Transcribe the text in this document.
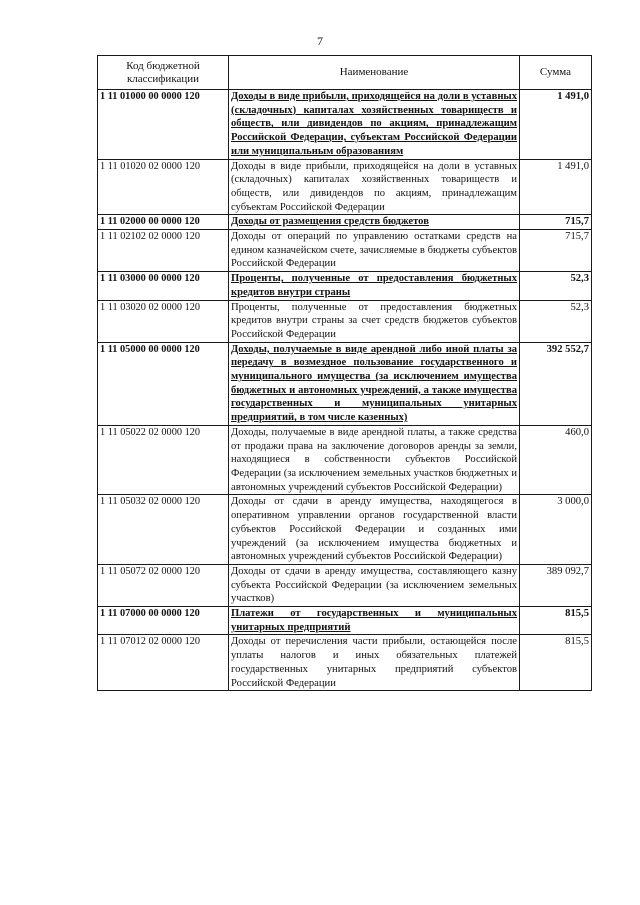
7
Код бюджетной классификации	Наименование	Сумма
1 11 01000 00 0000 120	Доходы в виде прибыли, приходящейся на доли в уставных (складочных) капиталах хозяйственных товариществ и обществ, или дивидендов по акциям, принадлежащим Российской Федерации, субъектам Российской Федерации или муниципальным образованиям	1 491,0
1 11 01020 02 0000 120	Доходы в виде прибыли, приходящейся на доли в уставных (складочных) капиталах хозяйственных товариществ и обществ, или дивидендов по акциям, принадлежащим субъектам Российской Федерации	1 491,0
1 11 02000 00 0000 120	Доходы от размещения средств бюджетов	715,7
1 11 02102 02 0000 120	Доходы от операций по управлению остатками средств на едином казначейском счете, зачисляемые в бюджеты субъектов Российской Федерации	715,7
1 11 03000 00 0000 120	Проценты, полученные от предоставления бюджетных кредитов внутри страны	52,3
1 11 03020 02 0000 120	Проценты, полученные от предоставления бюджетных кредитов внутри страны за счет средств бюджетов субъектов Российской Федерации	52,3
1 11 05000 00 0000 120	Доходы, получаемые в виде арендной либо иной платы за передачу в возмездное пользование государственного и муниципального имущества (за исключением имущества бюджетных и автономных учреждений, а также имущества государственных и муниципальных унитарных предприятий, в том числе казенных)	392 552,7
1 11 05022 02 0000 120	Доходы, получаемые в виде арендной платы, а также средства от продажи права на заключение договоров аренды за земли, находящиеся в собственности субъектов Российской Федерации (за исключением земельных участков бюджетных и автономных учреждений субъектов Российской Федерации)	460,0
1 11 05032 02 0000 120	Доходы от сдачи в аренду имущества, находящегося в оперативном управлении органов государственной власти субъектов Российской Федерации и созданных ими учреждений (за исключением имущества бюджетных и автономных учреждений субъектов Российской Федерации)	3 000,0
1 11 05072 02 0000 120	Доходы от сдачи в аренду имущества, составляющего казну субъекта Российской Федерации (за исключением земельных участков)	389 092,7
1 11 07000 00 0000 120	Платежи от государственных и муниципальных унитарных предприятий	815,5
1 11 07012 02 0000 120	Доходы от перечисления части прибыли, остающейся после уплаты налогов и иных обязательных платежей государственных унитарных предприятий субъектов Российской Федерации	815,5
